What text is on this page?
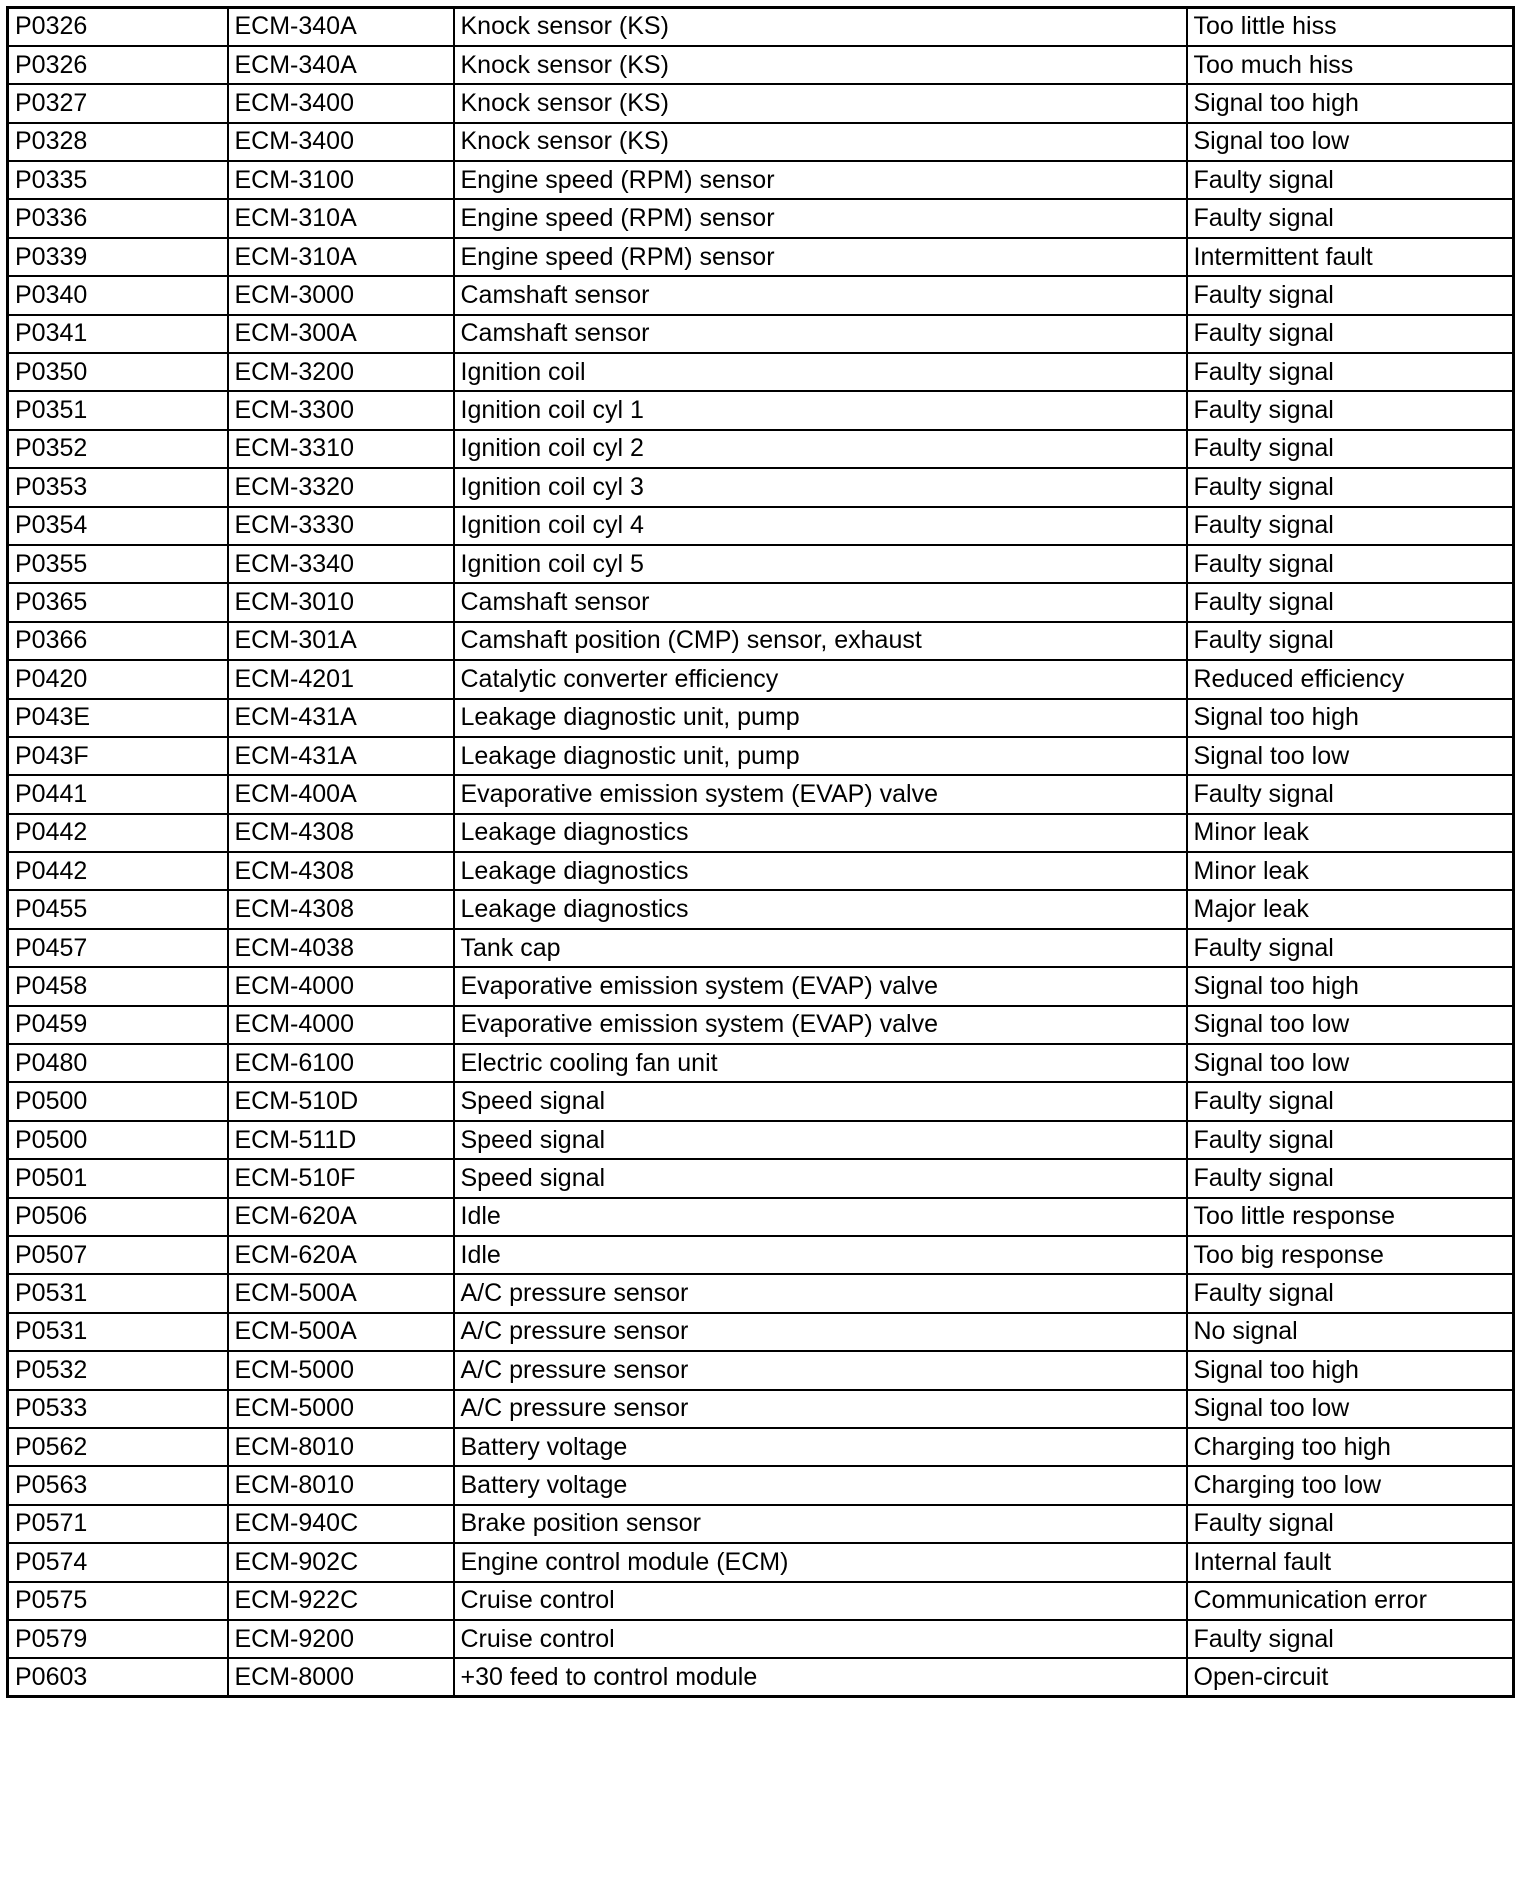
P0326	ECM-340A	Knock sensor (KS)	Too little hiss
P0326	ECM-340A	Knock sensor (KS)	Too much hiss
P0327	ECM-3400	Knock sensor (KS)	Signal too high
P0328	ECM-3400	Knock sensor (KS)	Signal too low
P0335	ECM-3100	Engine speed (RPM) sensor	Faulty signal
P0336	ECM-310A	Engine speed (RPM) sensor	Faulty signal
P0339	ECM-310A	Engine speed (RPM) sensor	Intermittent fault
P0340	ECM-3000	Camshaft sensor	Faulty signal
P0341	ECM-300A	Camshaft sensor	Faulty signal
P0350	ECM-3200	Ignition coil	Faulty signal
P0351	ECM-3300	Ignition coil cyl 1	Faulty signal
P0352	ECM-3310	Ignition coil cyl 2	Faulty signal
P0353	ECM-3320	Ignition coil cyl 3	Faulty signal
P0354	ECM-3330	Ignition coil cyl 4	Faulty signal
P0355	ECM-3340	Ignition coil cyl 5	Faulty signal
P0365	ECM-3010	Camshaft sensor	Faulty signal
P0366	ECM-301A	Camshaft position (CMP) sensor, exhaust	Faulty signal
P0420	ECM-4201	Catalytic converter efficiency	Reduced efficiency
P043E	ECM-431A	Leakage diagnostic unit, pump	Signal too high
P043F	ECM-431A	Leakage diagnostic unit, pump	Signal too low
P0441	ECM-400A	Evaporative emission system (EVAP) valve	Faulty signal
P0442	ECM-4308	Leakage diagnostics	Minor leak
P0442	ECM-4308	Leakage diagnostics	Minor leak
P0455	ECM-4308	Leakage diagnostics	Major leak
P0457	ECM-4038	Tank cap	Faulty signal
P0458	ECM-4000	Evaporative emission system (EVAP) valve	Signal too high
P0459	ECM-4000	Evaporative emission system (EVAP) valve	Signal too low
P0480	ECM-6100	Electric cooling fan unit	Signal too low
P0500	ECM-510D	Speed signal	Faulty signal
P0500	ECM-511D	Speed signal	Faulty signal
P0501	ECM-510F	Speed signal	Faulty signal
P0506	ECM-620A	Idle	Too little response
P0507	ECM-620A	Idle	Too big response
P0531	ECM-500A	A/C pressure sensor	Faulty signal
P0531	ECM-500A	A/C pressure sensor	No signal
P0532	ECM-5000	A/C pressure sensor	Signal too high
P0533	ECM-5000	A/C pressure sensor	Signal too low
P0562	ECM-8010	Battery voltage	Charging too high
P0563	ECM-8010	Battery voltage	Charging too low
P0571	ECM-940C	Brake position sensor	Faulty signal
P0574	ECM-902C	Engine control module (ECM)	Internal fault
P0575	ECM-922C	Cruise control	Communication error
P0579	ECM-9200	Cruise control	Faulty signal
P0603	ECM-8000	+30 feed to control module	Open-circuit
